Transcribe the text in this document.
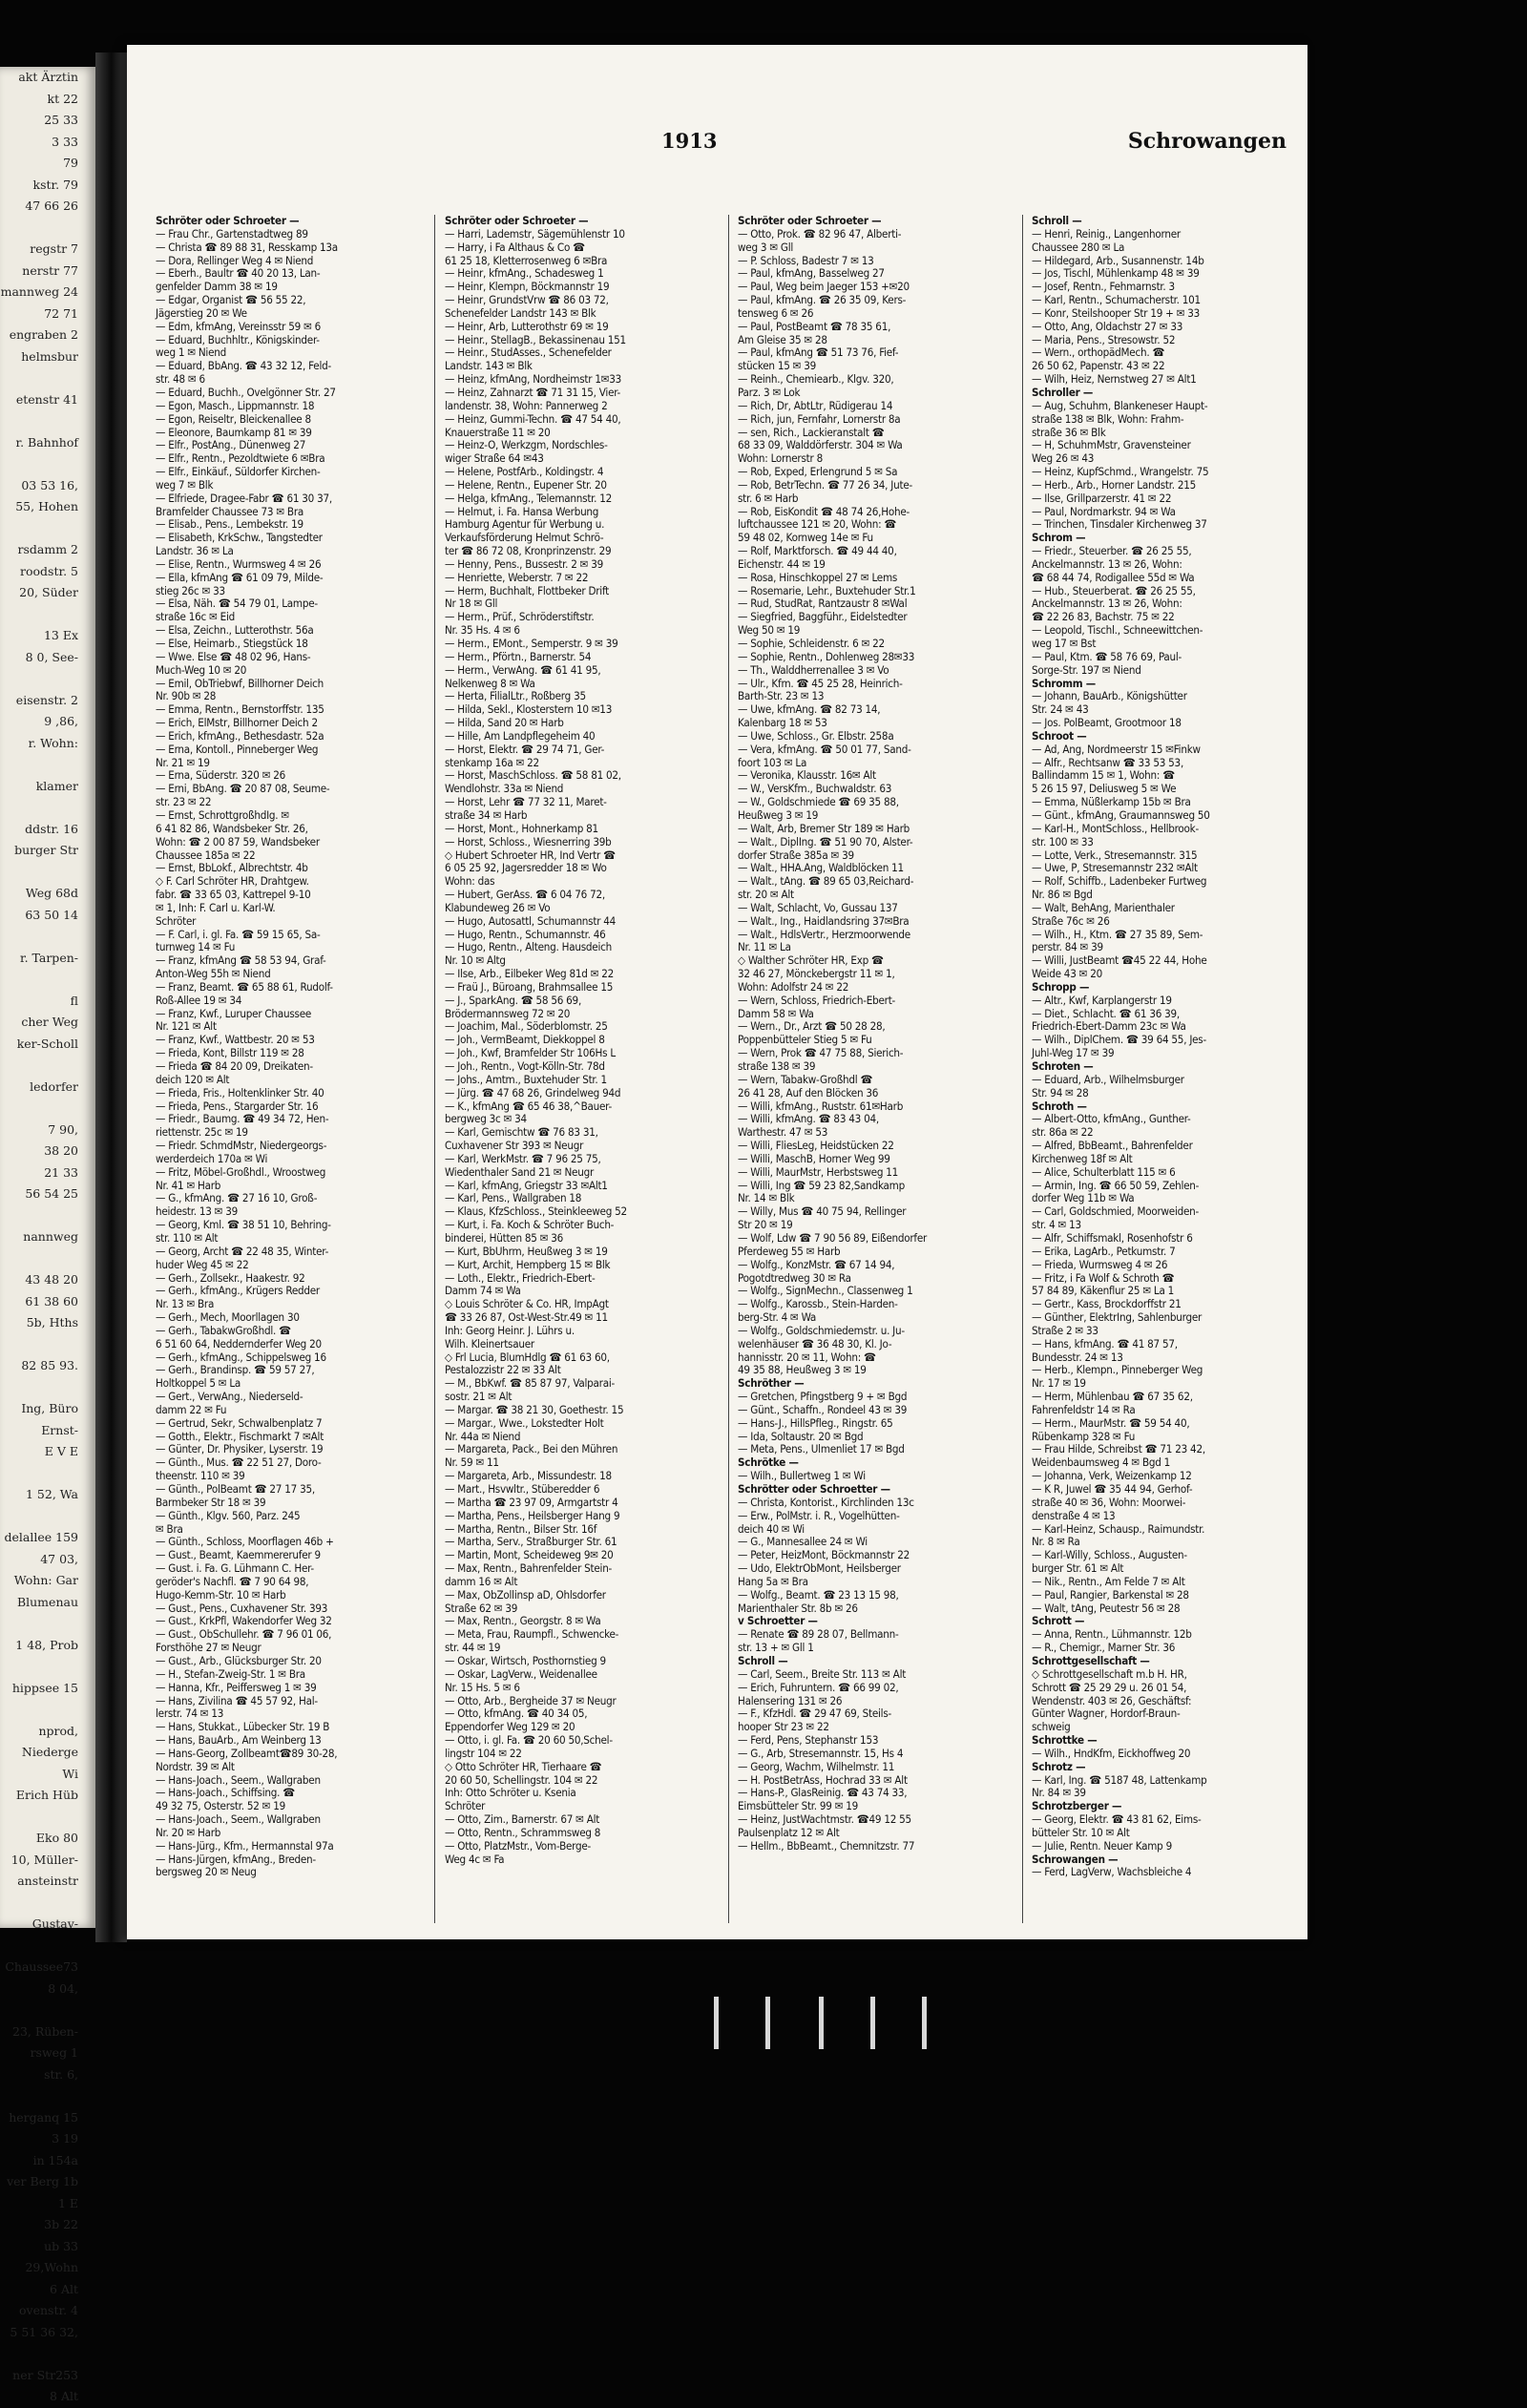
akt Ärztin
kt 22
25 33
3 33
79
kstr. 79
47 66 26
regstr 7
nerstr 77
mannweg 24
72 71
engraben 2
helmsbur
etenstr 41
r. Bahnhof
03 53 16,
55, Hohen
rsdamm 2
roodstr. 5
20, Süder
13 Ex
8 0, See-
eisenstr. 2
9 ,86,
r. Wohn:
klamer
ddstr. 16
burger Str
Weg 68d
63 50 14
r. Tarpen-
fl
cher Weg
ker-Scholl
ledorfer
7 90,
38 20
21 33
56 54 25
nannweg
43 48 20
61 38 60
5b, Hths
82 85 93.
Ing, Büro
Ernst-
E V E
1 52, Wa
delallee 159
47 03,
Wohn: Gar
Blumenau
1 48, Prob
hippsee 15
nprod,
Niederge
Wi
Erich Hüb
Eko 80
10, Müller-
ansteinstr
Gustav-
Chaussee73
8 04,
23, Rüben-
rsweg 1
str. 6,
herganq 15
3 19
in 154a
ver Berg 1b
1 E
3b 22
ub 33
29,Wohn
6 Alt
ovenstr. 4
5 51 36 32,
ner Str253
8 Alt
1913	Schrowangen
Schröter oder Schroeter —
— Frau Chr., Gartenstadtweg 89
— Christa ☎ 89 88 31, Resskamp 13a
— Dora, Rellinger Weg 4 ✉ Niend
— Eberh., Baultr ☎ 40 20 13, Lan-
genfelder Damm 38 ✉ 19
— Edgar, Organist ☎ 56 55 22,
Jägerstieg 20 ✉ We
— Edm, kfmAng, Vereinsstr 59 ✉ 6
— Eduard, Buchhltr., Königskinder-
weg 1 ✉ Niend
— Eduard, BbAng. ☎ 43 32 12, Feld-
str. 48 ✉ 6
— Eduard, Buchh., Ovelgönner Str. 27
— Egon, Masch., Lippmannstr. 18
— Egon, Reiseltr, Bleickenallee 8
— Eleonore, Baumkamp 81 ✉ 39
— Elfr., PostAng., Dünenweg 27
— Elfr., Rentn., Pezoldtwiete 6 ✉Bra
— Elfr., Einkäuf., Süldorfer Kirchen-
weg 7 ✉ Blk
— Elfriede, Dragee-Fabr ☎ 61 30 37,
Bramfelder Chaussee 73 ✉ Bra
— Elisab., Pens., Lembekstr. 19
— Elisabeth, KrkSchw., Tangstedter
Landstr. 36 ✉ La
— Elise, Rentn., Wurmsweg 4 ✉ 26
— Ella, kfmAng ☎ 61 09 79, Milde-
stieg 26c ✉ 33
— Elsa, Näh. ☎ 54 79 01, Lampe-
straße 16c ✉ Eid
— Elsa, Zeichn., Lutterothstr. 56a
— Else, Heimarb., Stiegstück 18
— Wwe. Else ☎ 48 02 96, Hans-
Much-Weg 10 ✉ 20
— Emil, ObTriebwf, Billhorner Deich
Nr. 90b ✉ 28
— Emma, Rentn., Bernstorffstr. 135
— Erich, ElMstr, Billhorner Deich 2
— Erich, kfmAng., Bethesdastr. 52a
— Erna, Kontoll., Pinneberger Weg
Nr. 21 ✉ 19
— Erna, Süderstr. 320 ✉ 26
— Erni, BbAng. ☎ 20 87 08, Seume-
str. 23 ✉ 22
— Ernst, SchrottgroßhdIg. ✉
6 41 82 86, Wandsbeker Str. 26,
Wohn: ☎ 2 00 87 59, Wandsbeker
Chaussee 185a ✉ 22
— Ernst, BbLokf., Albrechtstr. 4b
◇ F. Carl Schröter HR, Drahtgew.
fabr. ☎ 33 65 03, Kattrepel 9-10
✉ 1, Inh: F. Carl u. Karl-W.
Schröter
— F. Carl, i. gl. Fa. ☎ 59 15 65, Sa-
turnweg 14 ✉ Fu
— Franz, kfmAng ☎ 58 53 94, Graf-
Anton-Weg 55h ✉ Niend
— Franz, Beamt. ☎ 65 88 61, Rudolf-
Roß-Allee 19 ✉ 34
— Franz, Kwf., Luruper Chaussee
Nr. 121 ✉ Alt
— Franz, Kwf., Wattbestr. 20 ✉ 53
— Frieda, Kont, Billstr 119 ✉ 28
— Frieda ☎ 84 20 09, Dreikaten-
deich 120 ✉ Alt
— Frieda, Fris., Holtenklinker Str. 40
— Frieda, Pens., Stargarder Str. 16
— Friedr., Baumg. ☎ 49 34 72, Hen-
riettenstr. 25c ✉ 19
— Friedr. SchmdMstr, Niedergeorgs-
werderdeich 170a ✉ Wi
— Fritz, Möbel-Großhdl., Wroostweg
Nr. 41 ✉ Harb
— G., kfmAng. ☎ 27 16 10, Groß-
heidestr. 13 ✉ 39
— Georg, Kml. ☎ 38 51 10, Behring-
str. 110 ✉ Alt
— Georg, Archt ☎ 22 48 35, Winter-
huder Weg 45 ✉ 22
— Gerh., Zollsekr., Haakestr. 92
— Gerh., kfmAng., Krügers Redder
Nr. 13 ✉ Bra
— Gerh., Mech, Moorllagen 30
— Gerh., TabakwGroßhdl. ☎
6 51 60 64, Neddernderfer Weg 20
— Gerh., kfmAng., Schippelsweg 16
— Gerh., Brandinsp. ☎ 59 57 27,
Holtkoppel 5 ✉ La
— Gert., VerwAng., Niederseld-
damm 22 ✉ Fu
— Gertrud, Sekr, Schwalbenplatz 7
— Gotth., Elektr., Fischmarkt 7 ✉Alt
— Günter, Dr. Physiker, Lyserstr. 19
— Günth., Mus. ☎ 22 51 27, Doro-
theenstr. 110 ✉ 39
— Günth., PolBeamt ☎ 27 17 35,
Barmbeker Str 18 ✉ 39
— Günth., Klgv. 560, Parz. 245
✉ Bra
— Günth., Schloss, Moorflagen 46b +
— Gust., Beamt, Kaemmererufer 9
— Gust. i. Fa. G. Lühmann C. Her-
geröder's Nachfl. ☎ 7 90 64 98,
Hugo-Kemm-Str. 10 ✉ Harb
— Gust., Pens., Cuxhavener Str. 393
— Gust., KrkPfl, Wakendorfer Weg 32
— Gust., ObSchullehr. ☎ 7 96 01 06,
Forsthöhe 27 ✉ Neugr
— Gust., Arb., Glücksburger Str. 20
— H., Stefan-Zweig-Str. 1 ✉ Bra
— Hanna, Kfr., Peiffersweg 1 ✉ 39
— Hans, Zivilina ☎ 45 57 92, Hal-
lerstr. 74 ✉ 13
— Hans, Stukkat., Lübecker Str. 19 B
— Hans, BauArb., Am Weinberg 13
— Hans-Georg, Zollbeamt☎89 30-28,
Nordstr. 39 ✉ Alt
— Hans-Joach., Seem., Wallgraben
— Hans-Joach., Schiffsing. ☎
49 32 75, Osterstr. 52 ✉ 19
— Hans-Joach., Seem., Wallgraben
Nr. 20 ✉ Harb
— Hans-Jürg., Kfm., Hermannstal 97a
— Hans-Jürgen, kfmAng., Breden-
bergsweg 20 ✉ Neug
Schröter oder Schroeter —
— Harri, Lademstr, Sägemühlenstr 10
— Harry, i Fa Althaus & Co ☎
61 25 18, Kletterrosenweg 6 ✉Bra
— Heinr, kfmAng., Schadesweg 1
— Heinr, Klempn, Böckmannstr 19
— Heinr, GrundstVrw ☎ 86 03 72,
Schenefelder Landstr 143 ✉ Blk
— Heinr, Arb, Lutterothstr 69 ✉ 19
— Heinr., StellagB., Bekassinenau 151
— Heinr., StudAsses., Schenefelder
Landstr. 143 ✉ Blk
— Heinz, kfmAng, Nordheimstr 1✉33
— Heinz, Zahnarzt ☎ 71 31 15, Vier-
landenstr. 38, Wohn: Pannerweg 2
— Heinz, Gummi-Techn. ☎ 47 54 40,
Knauerstraße 11 ✉ 20
— Heinz-O, Werkzgm, Nordschles-
wiger Straße 64 ✉43
— Helene, PostfArb., Koldingstr. 4
— Helene, Rentn., Eupener Str. 20
— Helga, kfmAng., Telemannstr. 12
— Helmut, i. Fa. Hansa Werbung
Hamburg Agentur für Werbung u.
Verkaufsförderung Helmut Schrö-
ter ☎ 86 72 08, Kronprinzenstr. 29
— Henny, Pens., Bussestr. 2 ✉ 39
— Henriette, Weberstr. 7 ✉ 22
— Herm, Buchhalt, Flottbeker Drift
Nr 18 ✉ Gll
— Herm., Prüf., Schröderstiftstr.
Nr. 35 Hs. 4 ✉ 6
— Herm., EMont., Semperstr. 9 ✉ 39
— Herm., Pförtn., Barnerstr. 54
— Herm., VerwAng. ☎ 61 41 95,
Nelkenweg 8 ✉ Wa
— Herta, FilialLtr., Roßberg 35
— Hilda, Sekl., Klosterstern 10 ✉13
— Hilda, Sand 20 ✉ Harb
— Hille, Am Landpflegeheim 40
— Horst, Elektr. ☎ 29 74 71, Ger-
stenkamp 16a ✉ 22
— Horst, MaschSchloss. ☎ 58 81 02,
Wendlohstr. 33a ✉ Niend
— Horst, Lehr ☎ 77 32 11, Maret-
straße 34 ✉ Harb
— Horst, Mont., Hohnerkamp 81
— Horst, Schloss., Wiesnerring 39b
◇ Hubert Schroeter HR, Ind Vertr ☎
6 05 25 92, Jagersredder 18 ✉ Wo
Wohn: das
— Hubert, GerAss. ☎ 6 04 76 72,
Klabundeweg 26 ✉ Vo
— Hugo, Autosattl, Schumannstr 44
— Hugo, Rentn., Schumannstr. 46
— Hugo, Rentn., Alteng. Hausdeich
Nr. 10 ✉ Altg
— Ilse, Arb., Eilbeker Weg 81d ✉ 22
— Fraü J., Büroang, Brahmsallee 15
— J., SparkAng. ☎ 58 56 69,
Brödermannsweg 72 ✉ 20
— Joachim, Mal., Söderblomstr. 25
— Joh., VermBeamt, Diekkoppel 8
— Joh., Kwf, Bramfelder Str 106Hs L
— Joh., Rentn., Vogt-Kölln-Str. 78d
— Johs., Amtm., Buxtehuder Str. 1
— Jürg. ☎ 47 68 26, Grindelweg 94d
— K., kfmAng ☎ 65 46 38,^Bauer-
bergweg 3c ✉ 34
— Karl, Gemischtw ☎ 76 83 31,
Cuxhavener Str 393 ✉ Neugr
— Karl, WerkMstr. ☎ 7 96 25 75,
Wiedenthaler Sand 21 ✉ Neugr
— Karl, kfmAng, Griegstr 33 ✉Alt1
— Karl, Pens., Wallgraben 18
— Klaus, KfzSchloss., Steinkleeweg 52
— Kurt, i. Fa. Koch & Schröter Buch-
binderei, Hütten 85 ✉ 36
— Kurt, BbUhrm, Heußweg 3 ✉ 19
— Kurt, Archit, Hempberg 15 ✉ Blk
— Loth., Elektr., Friedrich-Ebert-
Damm 74 ✉ Wa
◇ Louis Schröter & Co. HR, ImpAgt
☎ 33 26 87, Ost-West-Str.49 ✉ 11
Inh: Georg Heinr. J. Lührs u.
Wilh. Kleinertsauer
◇ Frl Lucia, BlumHdlg ☎ 61 63 60,
Pestalozzistr 22 ✉ 33 Alt
— M., BbKwf. ☎ 85 87 97, Valparai-
sostr. 21 ✉ Alt
— Margar. ☎ 38 21 30, Goethestr. 15
— Margar., Wwe., Lokstedter Holt
Nr. 44a ✉ Niend
— Margareta, Pack., Bei den Mühren
Nr. 59 ✉ 11
— Margareta, Arb., Missundestr. 18
— Mart., Hsvwltr., Stüberedder 6
— Martha ☎ 23 97 09, Armgartstr 4
— Martha, Pens., Heilsberger Hang 9
— Martha, Rentn., Bilser Str. 16f
— Martha, Serv., Straßburger Str. 61
— Martin, Mont, Scheideweg 9✉ 20
— Max, Rentn., Bahrenfelder Stein-
damm 16 ✉ Alt
— Max, ObZollinsp aD, Ohlsdorfer
Straße 62 ✉ 39
— Max, Rentn., Georgstr. 8 ✉ Wa
— Meta, Frau, Raumpfl., Schwencke-
str. 44 ✉ 19
— Oskar, Wirtsch, Posthornstieg 9
— Oskar, LagVerw., Weidenallee
Nr. 15 Hs. 5 ✉ 6
— Otto, Arb., Bergheide 37 ✉ Neugr
— Otto, kfmAng. ☎ 40 34 05,
Eppendorfer Weg 129 ✉ 20
— Otto, i. gl. Fa. ☎ 20 60 50,Schel-
lingstr 104 ✉ 22
◇ Otto Schröter HR, Tierhaare ☎
20 60 50, Schellingstr. 104 ✉ 22
Inh: Otto Schröter u. Ksenia
Schröter
— Otto, Zim., Barnerstr. 67 ✉ Alt
— Otto, Rentn., Schrammsweg 8
— Otto, PlatzMstr., Vom-Berge-
Weg 4c ✉ Fa
Schröter oder Schroeter —
— Otto, Prok. ☎ 82 96 47, Alberti-
weg 3 ✉ Gll
— P. Schloss, Badestr 7 ✉ 13
— Paul, kfmAng, Basselweg 27
— Paul, Weg beim Jaeger 153 +✉20
— Paul, kfmAng. ☎ 26 35 09, Kers-
tensweg 6 ✉ 26
— Paul, PostBeamt ☎ 78 35 61,
Am Gleise 35 ✉ 28
— Paul, kfmAng ☎ 51 73 76, Fief-
stücken 15 ✉ 39
— Reinh., Chemiearb., Klgv. 320,
Parz. 3 ✉ Lok
— Rich, Dr, AbtLtr, Rüdigerau 14
— Rich, jun, Fernfahr, Lornerstr 8a
— sen, Rich., Lackieranstalt ☎
68 33 09, Walddörferstr. 304 ✉ Wa
Wohn: Lornerstr 8
— Rob, Exped, Erlengrund 5 ✉ Sa
— Rob, BetrTechn. ☎ 77 26 34, Jute-
str. 6 ✉ Harb
— Rob, EisKondit ☎ 48 74 26,Hohe-
luftchaussee 121 ✉ 20, Wohn: ☎
59 48 02, Kornweg 14e ✉ Fu
— Rolf, Marktforsch. ☎ 49 44 40,
Eichenstr. 44 ✉ 19
— Rosa, Hinschkoppel 27 ✉ Lems
— Rosemarie, Lehr., Buxtehuder Str.1
— Rud, StudRat, Rantzaustr 8 ✉Wal
— Siegfried, Baggführ., Eidelstedter
Weg 50 ✉ 19
— Sophie, Schleidenstr. 6 ✉ 22
— Sophie, Rentn., Dohlenweg 28✉33
— Th., Walddherrenallee 3 ✉ Vo
— Ulr., Kfm. ☎ 45 25 28, Heinrich-
Barth-Str. 23 ✉ 13
— Uwe, kfmAng. ☎ 82 73 14,
Kalenbarg 18 ✉ 53
— Uwe, Schloss., Gr. Elbstr. 258a
— Vera, kfmAng. ☎ 50 01 77, Sand-
foort 103 ✉ La
— Veronika, Klausstr. 16✉ Alt
— W., VersKfm., Buchwaldstr. 63
— W., Goldschmiede ☎ 69 35 88,
Heußweg 3 ✉ 19
— Walt, Arb, Bremer Str 189 ✉ Harb
— Walt., DiplIng. ☎ 51 90 70, Alster-
dorfer Straße 385a ✉ 39
— Walt., HHA.Ang, Waldblöcken 11
— Walt., tAng. ☎ 89 65 03,Reichard-
str. 20 ✉ Alt
— Walt, Schlacht, Vo, Gussau 137
— Walt., Ing., Haidlandsring 37✉Bra
— Walt., HdlsVertr., Herzmoorwende
Nr. 11 ✉ La
◇ Walther Schröter HR, Exp ☎
32 46 27, Mönckebergstr 11 ✉ 1,
Wohn: Adolfstr 24 ✉ 22
— Wern, Schloss, Friedrich-Ebert-
Damm 58 ✉ Wa
— Wern., Dr., Arzt ☎ 50 28 28,
Poppenbütteler Stieg 5 ✉ Fu
— Wern, Prok ☎ 47 75 88, Sierich-
straße 138 ✉ 39
— Wern, Tabakw-Großhdl ☎
26 41 28, Auf den Blöcken 36
— Willi, kfmAng., Ruststr. 61✉Harb
— Willi, kfmAng. ☎ 83 43 04,
Warthestr. 47 ✉ 53
— Willi, FliesLeg, Heidstücken 22
— Willi, MaschB, Horner Weg 99
— Willi, MaurMstr, Herbstsweg 11
— Willi, Ing ☎ 59 23 82,Sandkamp
Nr. 14 ✉ Blk
— Willy, Mus ☎ 40 75 94, Rellinger
Str 20 ✉ 19
— Wolf, Ldw ☎ 7 90 56 89, Eißendorfer
Pferdeweg 55 ✉ Harb
— Wolfg., KonzMstr. ☎ 67 14 94,
Pogotdtredweg 30 ✉ Ra
— Wolfg., SignMechn., Classenweg 1
— Wolfg., Karossb., Stein-Harden-
berg-Str. 4 ✉ Wa
— Wolfg., Goldschmiedemstr. u. Ju-
welenhäuser ☎ 36 48 30, Kl. Jo-
hannisstr. 20 ✉ 11, Wohn: ☎
49 35 88, Heußweg 3 ✉ 19
Schröther —
— Gretchen, Pfingstberg 9 + ✉ Bgd
— Günt., Schaffn., Rondeel 43 ✉ 39
— Hans-J., HillsPfleg., Ringstr. 65
— Ida, Soltaustr. 20 ✉ Bgd
— Meta, Pens., Ulmenliet 17 ✉ Bgd
Schrötke —
— Wilh., Bullertweg 1 ✉ Wi
Schrötter oder Schroetter —
— Christa, Kontorist., Kirchlinden 13c
— Erw., PolMstr. i. R., Vogelhütten-
deich 40 ✉ Wi
— G., Mannesallee 24 ✉ Wi
— Peter, HeizMont, Böckmannstr 22
— Udo, ElektrObMont, Heilsberger
Hang 5a ✉ Bra
— Wolfg., Beamt. ☎ 23 13 15 98,
Marienthaler Str. 8b ✉ 26
v Schroetter —
— Renate ☎ 89 28 07, Bellmann-
str. 13 + ✉ Gll 1
Schroll —
— Carl, Seem., Breite Str. 113 ✉ Alt
— Erich, Fuhruntern. ☎ 66 99 02,
Halensering 131 ✉ 26
— F., KfzHdl. ☎ 29 47 69, Steils-
hooper Str 23 ✉ 22
— Ferd, Pens, Stephanstr 153
— G., Arb, Stresemannstr. 15, Hs 4
— Georg, Wachm, Wilhelmstr. 11
— H. PostBetrAss, Hochrad 33 ✉ Alt
— Hans-P., GlasReinig. ☎ 43 74 33,
Eimsbütteler Str. 99 ✉ 19
— Heinz, JustWachtmstr. ☎49 12 55
Paulsenplatz 12 ✉ Alt
— Hellm., BbBeamt., Chemnitzstr. 77
Schroll —
— Henri, Reinig., Langenhorner
Chaussee 280 ✉ La
— Hildegard, Arb., Susannenstr. 14b
— Jos, Tischl, Mühlenkamp 48 ✉ 39
— Josef, Rentn., Fehmarnstr. 3
— Karl, Rentn., Schumacherstr. 101
— Konr, Steilshooper Str 19 + ✉ 33
— Otto, Ang, Oldachstr 27 ✉ 33
— Maria, Pens., Stresowstr. 52
— Wern., orthopädMech. ☎
26 50 62, Papenstr. 43 ✉ 22
— Wilh, Heiz, Nernstweg 27 ✉ Alt1
Schroller —
— Aug, Schuhm, Blankeneser Haupt-
straße 138 ✉ Blk, Wohn: Frahm-
straße 36 ✉ Blk
— H, SchuhmMstr, Gravensteiner
Weg 26 ✉ 43
— Heinz, KupfSchmd., Wrangelstr. 75
— Herb., Arb., Horner Landstr. 215
— Ilse, Grillparzerstr. 41 ✉ 22
— Paul, Nordmarkstr. 94 ✉ Wa
— Trinchen, Tinsdaler Kirchenweg 37
Schrom —
— Friedr., Steuerber. ☎ 26 25 55,
Anckelmannstr. 13 ✉ 26, Wohn:
☎ 68 44 74, Rodigallee 55d ✉ Wa
— Hub., Steuerberat. ☎ 26 25 55,
Anckelmannstr. 13 ✉ 26, Wohn:
☎ 22 26 83, Bachstr. 75 ✉ 22
— Leopold, Tischl., Schneewittchen-
weg 17 ✉ Bst
— Paul, Ktm. ☎ 58 76 69, Paul-
Sorge-Str. 197 ✉ Niend
Schromm —
— Johann, BauArb., Königshütter
Str. 24 ✉ 43
— Jos. PolBeamt, Grootmoor 18
Schroot —
— Ad, Ang, Nordmeerstr 15 ✉Finkw
— Alfr., Rechtsanw ☎ 33 53 53,
Ballindamm 15 ✉ 1, Wohn: ☎
5 26 15 97, Deliusweg 5 ✉ We
— Emma, Nüßlerkamp 15b ✉ Bra
— Günt., kfmAng, Graumannsweg 50
— Karl-H., MontSchloss., Hellbrook-
str. 100 ✉ 33
— Lotte, Verk., Stresemannstr. 315
— Uwe, P, Stresemannstr 232 ✉Alt
— Rolf, Schiffb., Ladenbeker Furtweg
Nr. 86 ✉ Bgd
— Walt, BehAng, Marienthaler
Straße 76c ✉ 26
— Wilh., H., Ktm. ☎ 27 35 89, Sem-
perstr. 84 ✉ 39
— Willi, JustBeamt ☎45 22 44, Hohe
Weide 43 ✉ 20
Schropp —
— Altr., Kwf, Karplangerstr 19
— Diet., Schlacht. ☎ 61 36 39,
Friedrich-Ebert-Damm 23c ✉ Wa
— Wilh., DiplChem. ☎ 39 64 55, Jes-
Juhl-Weg 17 ✉ 39
Schroten —
— Eduard, Arb., Wilhelmsburger
Str. 94 ✉ 28
Schroth —
— Albert-Otto, kfmAng., Gunther-
str. 86a ✉ 22
— Alfred, BbBeamt., Bahrenfelder
Kirchenweg 18f ✉ Alt
— Alice, Schulterblatt 115 ✉ 6
— Armin, Ing. ☎ 66 50 59, Zehlen-
dorfer Weg 11b ✉ Wa
— Carl, Goldschmied, Moorweiden-
str. 4 ✉ 13
— Alfr, Schiffsmakl, Rosenhofstr 6
— Erika, LagArb., Petkumstr. 7
— Frieda, Wurmsweg 4 ✉ 26
— Fritz, i Fa Wolf & Schroth ☎
57 84 89, Käkenflur 25 ✉ La 1
— Gertr., Kass, Brockdorffstr 21
— Günther, ElektrIng, Sahlenburger
Straße 2 ✉ 33
— Hans, kfmAng. ☎ 41 87 57,
Bundesstr. 24 ✉ 13
— Herb., Klempn., Pinneberger Weg
Nr. 17 ✉ 19
— Herm, Mühlenbau ☎ 67 35 62,
Fahrenfeldstr 14 ✉ Ra
— Herm., MaurMstr. ☎ 59 54 40,
Rübenkamp 328 ✉ Fu
— Frau Hilde, Schreibst ☎ 71 23 42,
Weidenbaumsweg 4 ✉ Bgd 1
— Johanna, Verk, Weizenkamp 12
— K R, Juwel ☎ 35 44 94, Gerhof-
straße 40 ✉ 36, Wohn: Moorwei-
denstraße 4 ✉ 13
— Karl-Heinz, Schausp., Raimundstr.
Nr. 8 ✉ Ra
— Karl-Willy, Schloss., Augusten-
burger Str. 61 ✉ Alt
— Nik., Rentn., Am Felde 7 ✉ Alt
— Paul, Rangier, Barkenstal ✉ 28
— Walt, tAng, Peutestr 56 ✉ 28
Schrott —
— Anna, Rentn., Lühmannstr. 12b
— R., Chemigr., Marner Str. 36
Schrottgesellschaft —
◇ Schrottgesellschaft m.b H. HR,
Schrott ☎ 25 29 29 u. 26 01 54,
Wendenstr. 403 ✉ 26, Geschäftsf:
Günter Wagner, Hordorf-Braun-
schweig
Schrottke —
— Wilh., HndKfm, Eickhoffweg 20
Schrotz —
— Karl, Ing. ☎ 5187 48, Lattenkamp
Nr. 84 ✉ 39
Schrotzberger —
— Georg, Elektr. ☎ 43 81 62, Eims-
bütteler Str. 10 ✉ Alt
— Julie, Rentn. Neuer Kamp 9
Schrowangen —
— Ferd, LagVerw, Wachsbleiche 4
